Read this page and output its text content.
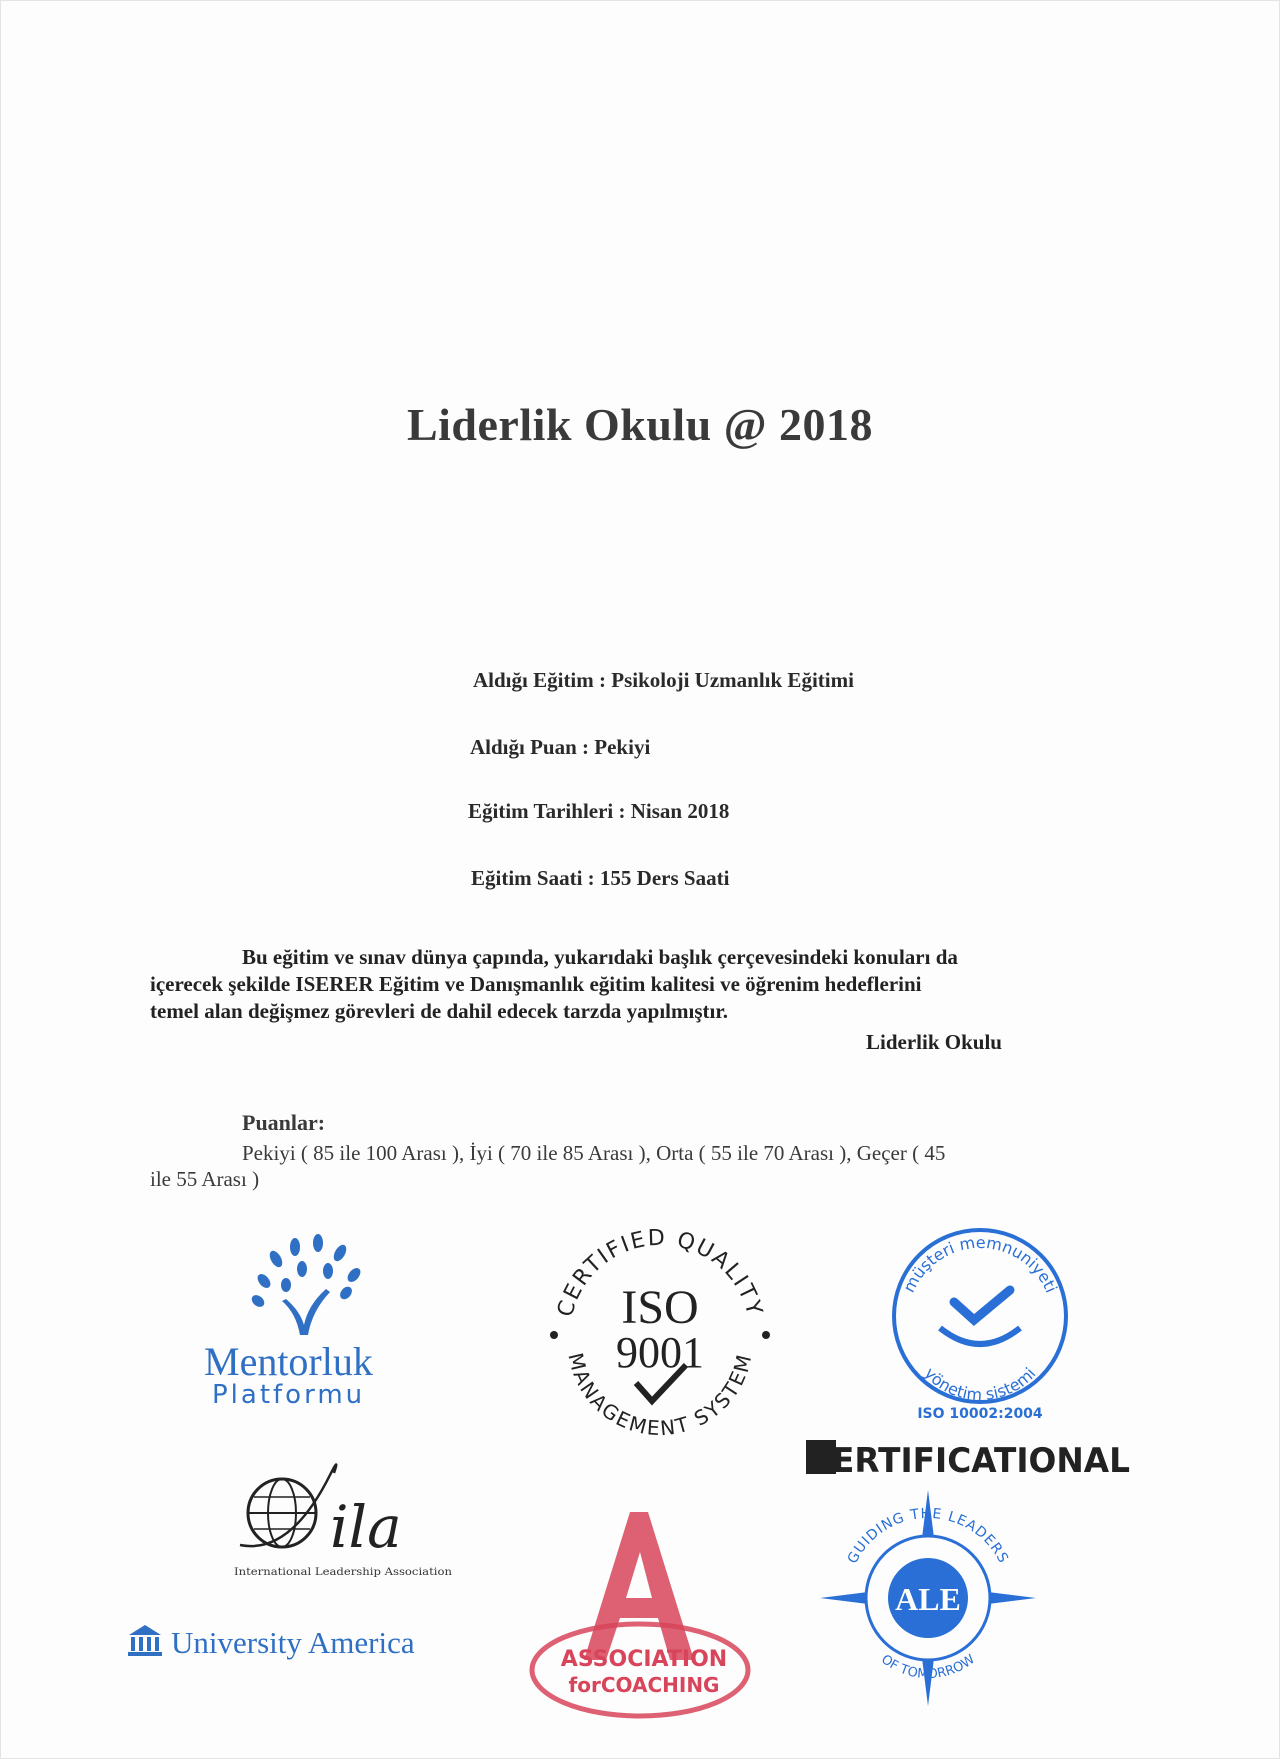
Liderlik Okulu @ 2018
Aldığı Eğitim : Psikoloji Uzmanlık Eğitimi
Aldığı Puan : Pekiyi
Eğitim Tarihleri : Nisan 2018
Eğitim Saati : 155 Ders Saati
Bu eğitim ve sınav dünya çapında, yukarıdaki başlık çerçevesindeki konuları da
içerecek şekilde ISERER Eğitim ve Danışmanlık eğitim kalitesi ve öğrenim hedeflerini
temel alan değişmez görevleri de dahil edecek tarzda yapılmıştır.
Liderlik Okulu
Puanlar:
Pekiyi ( 85 ile 100 Arası ), İyi ( 70 ile 85 Arası ), Orta ( 55 ile 70 Arası ), Geçer ( 45
ile 55 Arası )
Mentorluk
Platformu
CERTIFIED QUALITY
MANAGEMENT SYSTEM
ISO
9001
müşteri memnuniyeti
yönetim sistemi
ISO 10002:2004
CERTIFICATIONAL
ila
International Leadership Association
University America	ASSOCIATION
forCOACHING
GUIDING THE LEADERS
OF TOMORROW
ALE
